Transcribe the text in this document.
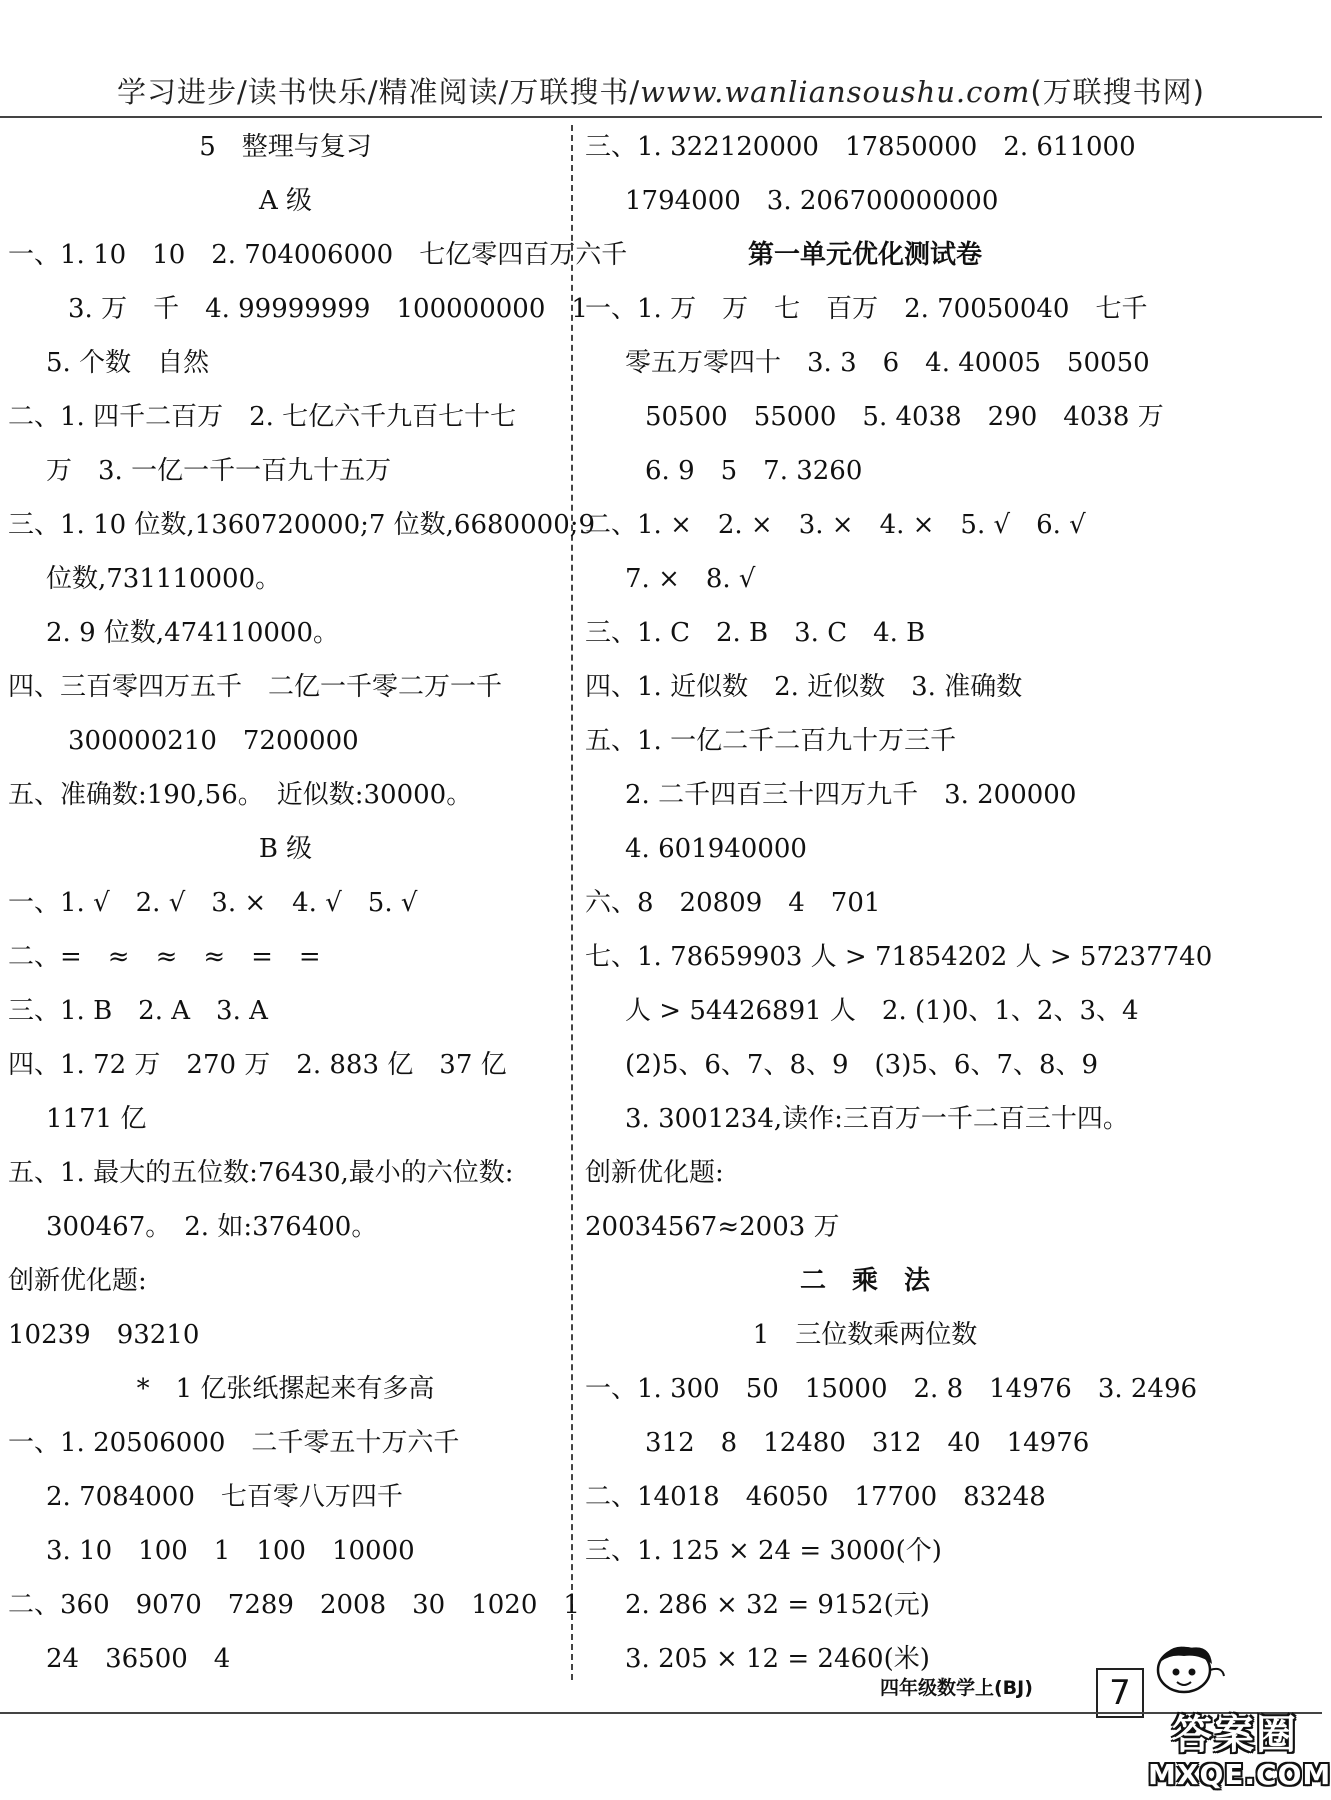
学习进步/读书快乐/精准阅读/万联搜书/www.wanliansoushu.com(万联搜书网)
5　整理与复习
A 级
一、1. 10　10　2. 704006000　七亿零四百万六千
3. 万　千　4. 99999999　100000000　1
5. 个数　自然
二、1. 四千二百万　2. 七亿六千九百七十七
万　3. 一亿一千一百九十五万
三、1. 10 位数,1360720000;7 位数,6680000;9
位数,731110000。
2. 9 位数,474110000。
四、三百零四万五千　二亿一千零二万一千
300000210　7200000
五、准确数:190,56。　近似数:30000。
B 级
一、1. √　2. √　3. ×　4. √　5. √
二、=　≈　≈　≈　=　=
三、1. B　2. A　3. A
四、1. 72 万　270 万　2. 883 亿　37 亿
1171 亿
五、1. 最大的五位数:76430,最小的六位数:
300467。　2. 如:376400。
创新优化题:
10239　93210
*　1 亿张纸摞起来有多高
一、1. 20506000　二千零五十万六千
2. 7084000　七百零八万四千
3. 10　100　1　100　10000
二、360　9070　7289　2008　30　1020　1
24　36500　4
三、1. 322120000　17850000　2. 611000
1794000　3. 206700000000
第一单元优化测试卷
一、1. 万　万　七　百万　2. 70050040　七千
零五万零四十　3. 3　6　4. 40005　50050
50500　55000　5. 4038　290　4038 万
6. 9　5　7. 3260
二、1. ×　2. ×　3. ×　4. ×　5. √　6. √
7. ×　8. √
三、1. C　2. B　3. C　4. B
四、1. 近似数　2. 近似数　3. 准确数
五、1. 一亿二千二百九十万三千
2. 二千四百三十四万九千　3. 200000
4. 601940000
六、8　20809　4　701
七、1. 78659903 人 > 71854202 人 > 57237740
人 > 54426891 人　2. (1)0、1、2、3、4
(2)5、6、7、8、9　(3)5、6、7、8、9
3. 3001234,读作:三百万一千二百三十四。
创新优化题:
20034567≈2003 万
二　乘　法
1　三位数乘两位数
一、1. 300　50　15000　2. 8　14976　3. 2496
312　8　12480　312　40　14976
二、14018　46050　17700　83248
三、1. 125 × 24 = 3000(个)
2. 286 × 32 = 9152(元)
3. 205 × 12 = 2460(米)
四年级数学上(BJ)	7
答案圈
MXQE.COM
